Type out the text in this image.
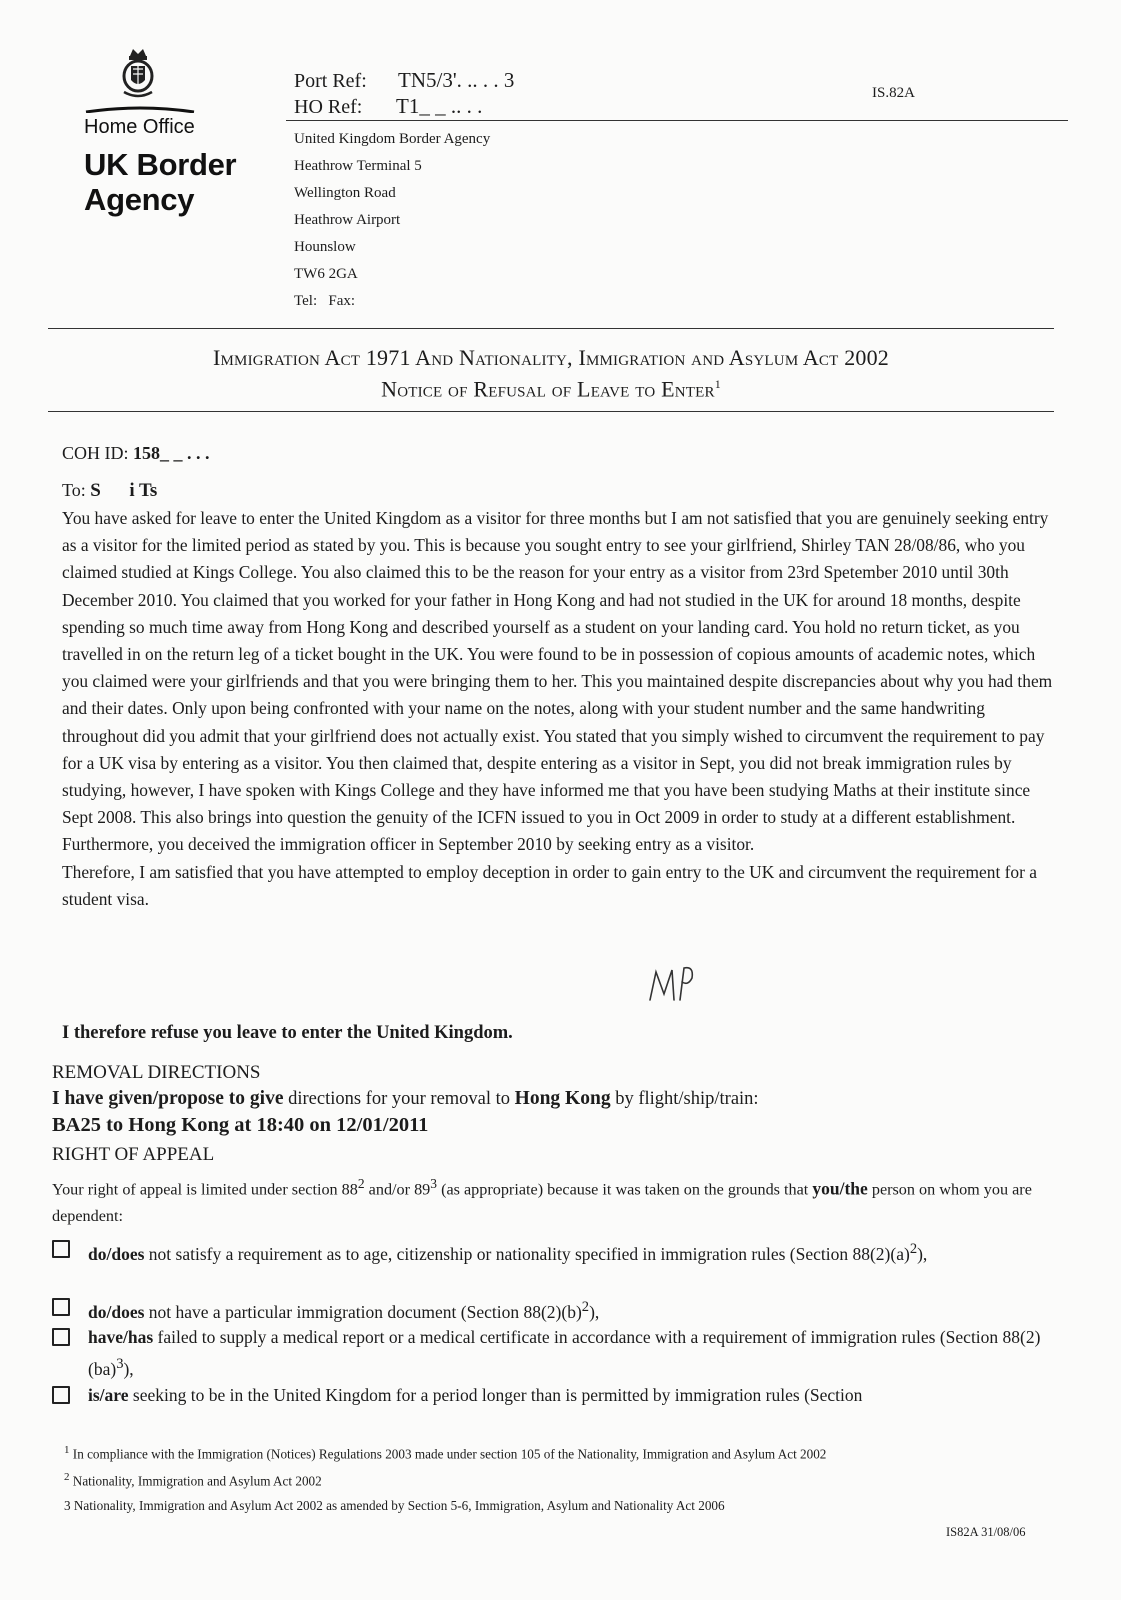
Home Office
UK Border Agency
Port Ref: TN5/3'. .. . . 3
HO Ref: T1_ _ .. . .
IS.82A
United Kingdom Border Agency
Heathrow Terminal 5
Wellington Road
Heathrow Airport
Hounslow
TW6 2GA
Tel: Fax:
Immigration Act 1971 And Nationality, Immigration and Asylum Act 2002
Notice of Refusal of Leave to Enter$^1$
COH ID: 158_ _ . . .
To: S      i Ts

You have asked for leave to enter the United Kingdom as a visitor for three months but I am not satisfied that you are genuinely seeking entry as a visitor for the limited period as stated by you. This is because you sought entry to see your girlfriend, Shirley TAN 28/08/86, who you claimed studied at Kings College. You also claimed this to be the reason for your entry as a visitor from 23rd Spetember 2010 until 30th December 2010. You claimed that you worked for your father in Hong Kong and had not studied in the UK for around 18 months, despite spending so much time away from Hong Kong and described yourself as a student on your landing card. You hold no return ticket, as you travelled in on the return leg of a ticket bought in the UK. You were found to be in possession of copious amounts of academic notes, which you claimed were your girlfriends and that you were bringing them to her. This you maintained despite discrepancies about why you had them and their dates. Only upon being confronted with your name on the notes, along with your student number and the same handwriting throughout did you admit that your girlfriend does not actually exist. You stated that you simply wished to circumvent the requirement to pay for a UK visa by entering as a visitor. You then claimed that, despite entering as a visitor in Sept, you did not break immigration rules by studying, however, I have spoken with Kings College and they have informed me that you have been studying Maths at their institute since Sept 2008. This also brings into question the genuity of the ICFN issued to you in Oct 2009 in order to study at a different establishment. Furthermore, you deceived the immigration officer in September 2010 by seeking entry as a visitor.

Therefore, I am satisfied that you have attempted to employ deception in order to gain entry to the UK and circumvent the requirement for a student visa.

I therefore refuse you leave to enter the United Kingdom.
REMOVAL DIRECTIONS
I have given/propose to give directions for your removal to Hong Kong by flight/ship/train:
BA25 to Hong Kong at 18:40 on 12/01/2011
RIGHT OF APPEAL
Your right of appeal is limited under section $88^2$ and/or $89^3$ (as appropriate) because it was taken on the grounds that you/the person on whom you are dependent:
do/does not satisfy a requirement as to age, citizenship or nationality specified in immigration rules (Section $88(2)(a)^2$),
do/does not have a particular immigration document (Section $88(2)(b)^2$),
have/has failed to supply a medical report or a medical certificate in accordance with a requirement of immigration rules (Section 88(2)(ba)$^3$),
is/are seeking to be in the United Kingdom for a period longer than is permitted by immigration rules (Section
$^1$ In compliance with the Immigration (Notices) Regulations 2003 made under section 105 of the Nationality, Immigration and Asylum Act 2002
$^2$ Nationality, Immigration and Asylum Act 2002
3 Nationality, Immigration and Asylum Act 2002 as amended by Section 5-6, Immigration, Asylum and Nationality Act 2006
IS82A 31/08/06
